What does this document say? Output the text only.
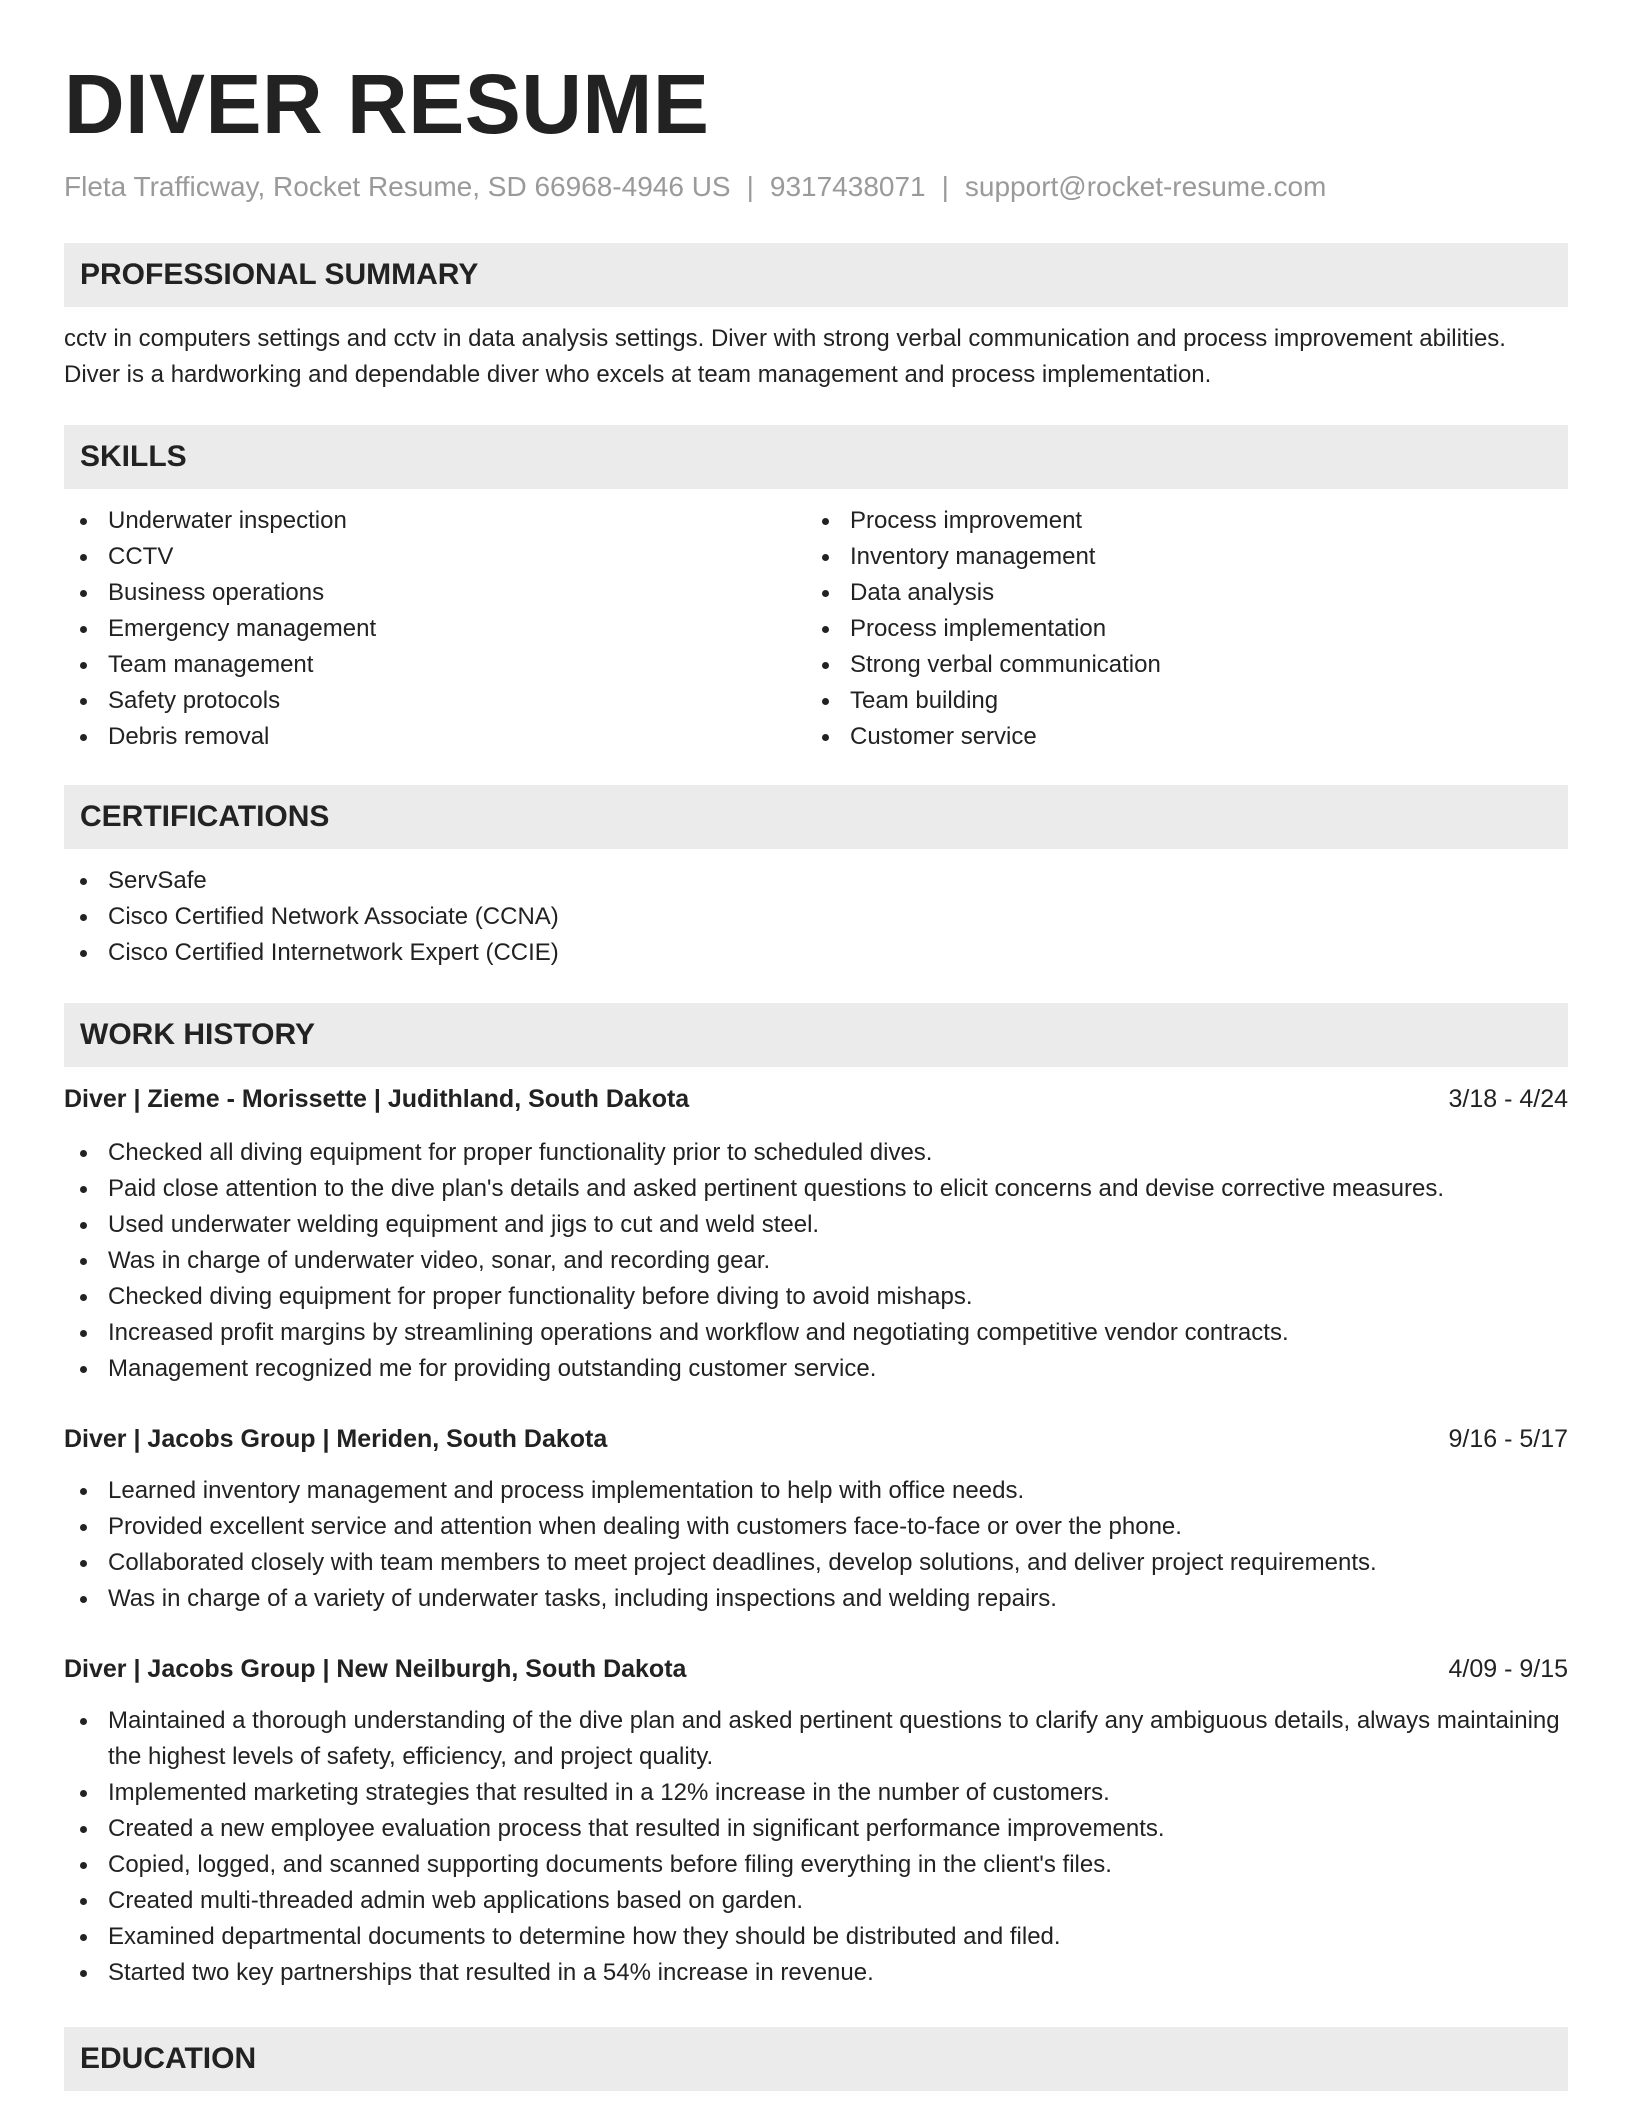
DIVER RESUME
Fleta Trafficway, Rocket Resume, SD 66968-4946 US | 9317438071 | support@rocket-resume.com
PROFESSIONAL SUMMARY

cctv in computers settings and cctv in data analysis settings. Diver with strong verbal communication and process improvement abilities. Diver is a hardworking and dependable diver who excels at team management and process implementation.

SKILLS
Underwater inspection
CCTV
Business operations
Emergency management
Team management
Safety protocols
Debris removal
Process improvement
Inventory management
Data analysis
Process implementation
Strong verbal communication
Team building
Customer service
CERTIFICATIONS
ServSafe
Cisco Certified Network Associate (CCNA)
Cisco Certified Internetwork Expert (CCIE)
WORK HISTORY
Diver | Zieme - Morissette | Judithland, South Dakota	3/18 - 4/24
Checked all diving equipment for proper functionality prior to scheduled dives.
Paid close attention to the dive plan's details and asked pertinent questions to elicit concerns and devise corrective measures.
Used underwater welding equipment and jigs to cut and weld steel.
Was in charge of underwater video, sonar, and recording gear.
Checked diving equipment for proper functionality before diving to avoid mishaps.
Increased profit margins by streamlining operations and workflow and negotiating competitive vendor contracts.
Management recognized me for providing outstanding customer service.
Diver | Jacobs Group | Meriden, South Dakota	9/16 - 5/17
Learned inventory management and process implementation to help with office needs.
Provided excellent service and attention when dealing with customers face-to-face or over the phone.
Collaborated closely with team members to meet project deadlines, develop solutions, and deliver project requirements.
Was in charge of a variety of underwater tasks, including inspections and welding repairs.
Diver | Jacobs Group | New Neilburgh, South Dakota	4/09 - 9/15
Maintained a thorough understanding of the dive plan and asked pertinent questions to clarify any ambiguous details, always maintaining the highest levels of safety, efficiency, and project quality.
Implemented marketing strategies that resulted in a 12% increase in the number of customers.
Created a new employee evaluation process that resulted in significant performance improvements.
Copied, logged, and scanned supporting documents before filing everything in the client's files.
Created multi-threaded admin web applications based on garden.
Examined departmental documents to determine how they should be distributed and filed.
Started two key partnerships that resulted in a 54% increase in revenue.
EDUCATION
